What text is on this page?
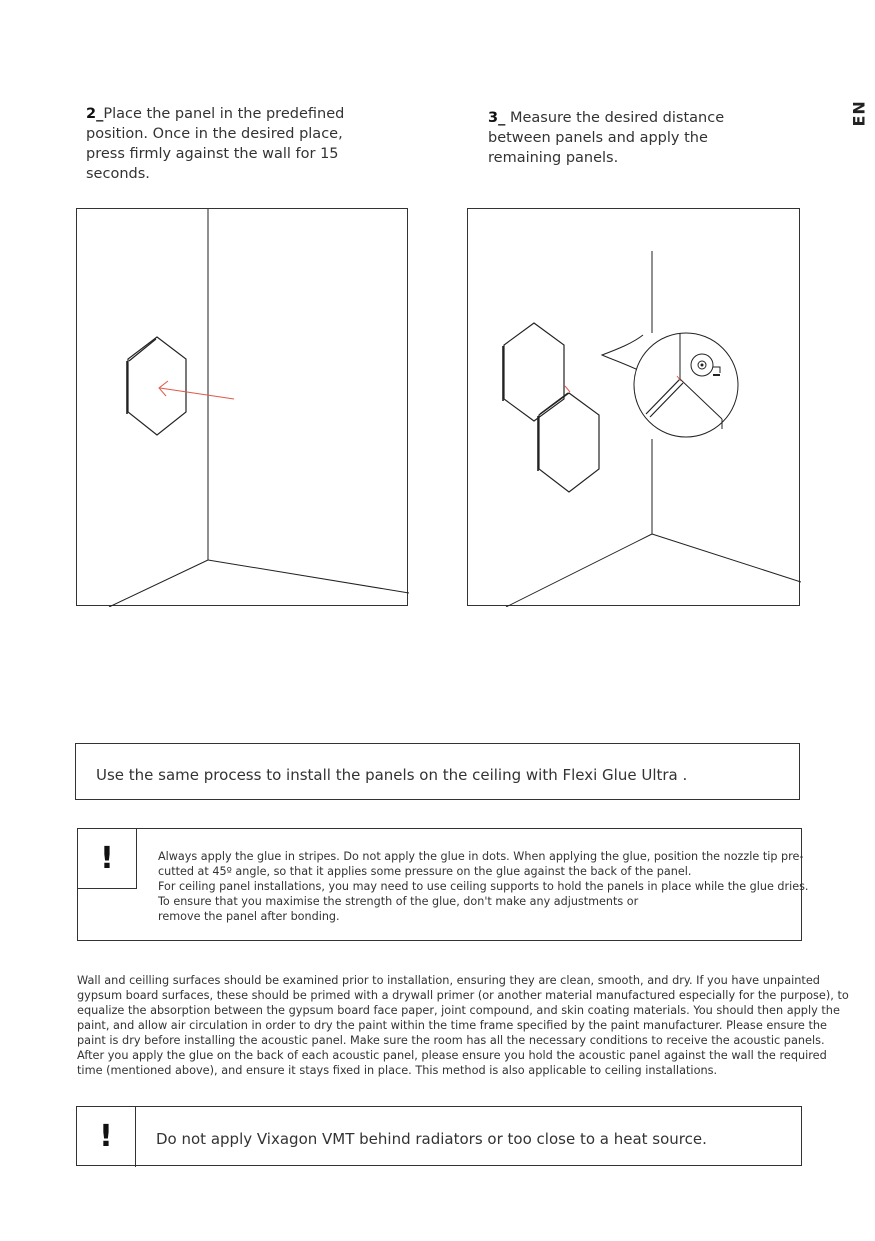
EN
2_Place the panel in the predefined
position. Once in the desired place,
press firmly against the wall for 15
seconds.
3_ Measure the desired distance
between panels and apply the
remaining panels.
Use the same process to install the panels on the ceiling with Flexi Glue Ultra .
!	Always apply the glue in stripes. Do not apply the glue in dots. When applying the glue, position the nozzle tip pre-
cutted at 45º angle, so that it applies some pressure on the glue against the back of the panel.
For ceiling panel installations, you may need to use ceiling supports to hold the panels in place while the glue dries.
To ensure that you maximise the strength of the glue, don't make any adjustments or
remove the panel after bonding.
Wall and ceilling surfaces should be examined prior to installation, ensuring they are clean, smooth, and dry. If you have unpainted
gypsum board surfaces, these should be primed with a drywall primer (or another material manufactured especially for the purpose), to
equalize the absorption between the gypsum board face paper, joint compound, and skin coating materials. You should then apply the
paint, and allow air circulation in order to dry the paint within the time frame specified by the paint manufacturer. Please ensure the
paint is dry before installing the acoustic panel. Make sure the room has all the necessary conditions to receive the acoustic panels.
After you apply the glue on the back of each acoustic panel, please ensure you hold the acoustic panel against the wall the required
time (mentioned above), and ensure it stays fixed in place. This method is also applicable to ceiling installations.
!	Do not apply Vixagon VMT behind radiators or too close to a heat source.
